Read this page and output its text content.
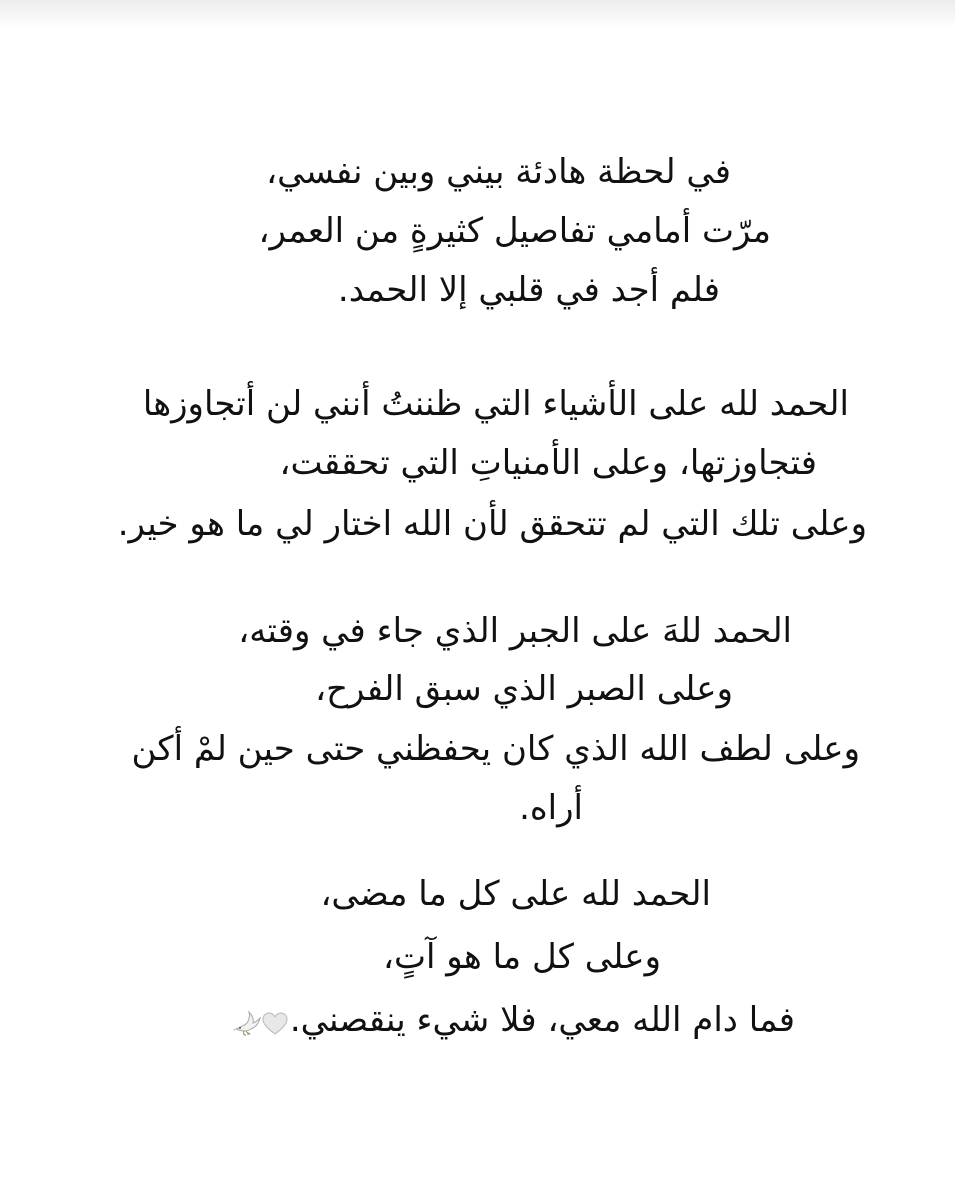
في لحظة هادئة بيني وبين نفسي،
مرّت أمامي تفاصيل كثيرةٍ من العمر،
فلم أجد في قلبي إلا الحمد.
الحمد لله على الأشياء التي ظننتُ أنني لن أتجاوزها
فتجاوزتها، وعلى الأمنياتِ التي تحققت،
وعلى تلك التي لم تتحقق لأن الله اختار لي ما هو خير.
الحمد للهَ على الجبر الذي جاء في وقته،
وعلى الصبر الذي سبق الفرح،
وعلى لطف الله الذي كان يحفظني حتى حين لمْ أكن
أراه.
الحمد لله على كل ما مضى،
وعلى كل ما هو آتٍ،
فما دام الله معي، فلا شيء ينقصني.
